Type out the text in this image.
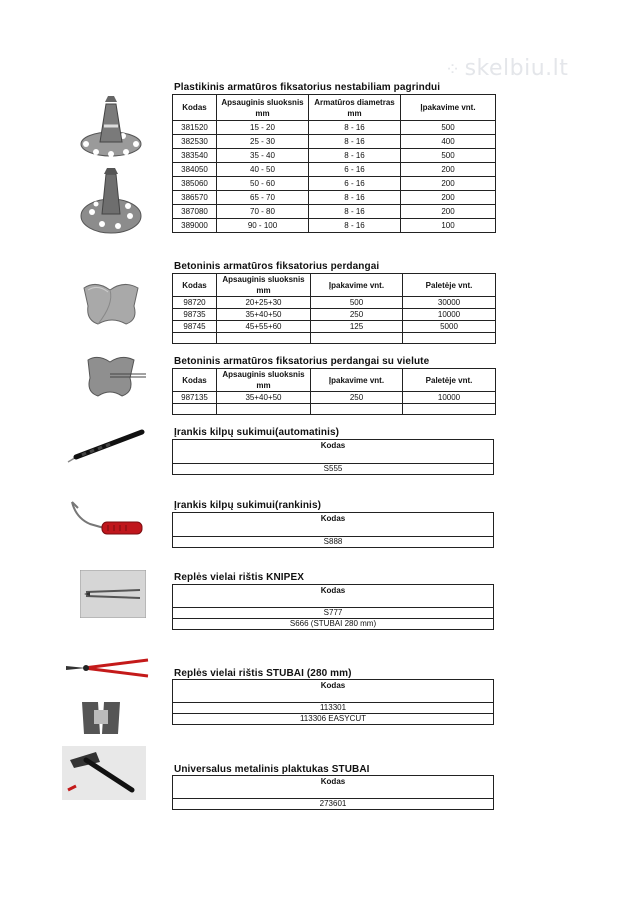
⁘ skelbiu.lt
Plastikinis armatūros fiksatorius nestabiliam pagrindui
Kodas	Apsauginis sluoksnis mm	Armatūros diametras mm	Įpakavime vnt.
381520	15 - 20	8 - 16	500
382530	25 - 30	8 - 16	400
383540	35 - 40	8 - 16	500
384050	40 - 50	6 - 16	200
385060	50 - 60	6 - 16	200
386570	65 - 70	8 - 16	200
387080	70 - 80	8 - 16	200
389000	90 - 100	8 - 16	100
Betoninis armatūros fiksatorius perdangai
Kodas	Apsauginis sluoksnis mm	Įpakavime vnt.	Paletėje vnt.
98720	20+25+30	500	30000
98735	35+40+50	250	10000
98745	45+55+60	125	5000

Betoninis armatūros fiksatorius perdangai su vielute
Kodas	Apsauginis sluoksnis mm	Įpakavime vnt.	Paletėje vnt.
987135	35+40+50	250	10000

Įrankis kilpų sukimui(automatinis)
Kodas
S555
Įrankis kilpų sukimui(rankinis)
Kodas
S888
Replės vielai rištis KNIPEX
Kodas
S777
S666 (STUBAI 280 mm)
Replės vielai rištis STUBAI (280 mm)
Kodas
113301
113306 EASYCUT
Universalus metalinis plaktukas STUBAI
Kodas
273601
